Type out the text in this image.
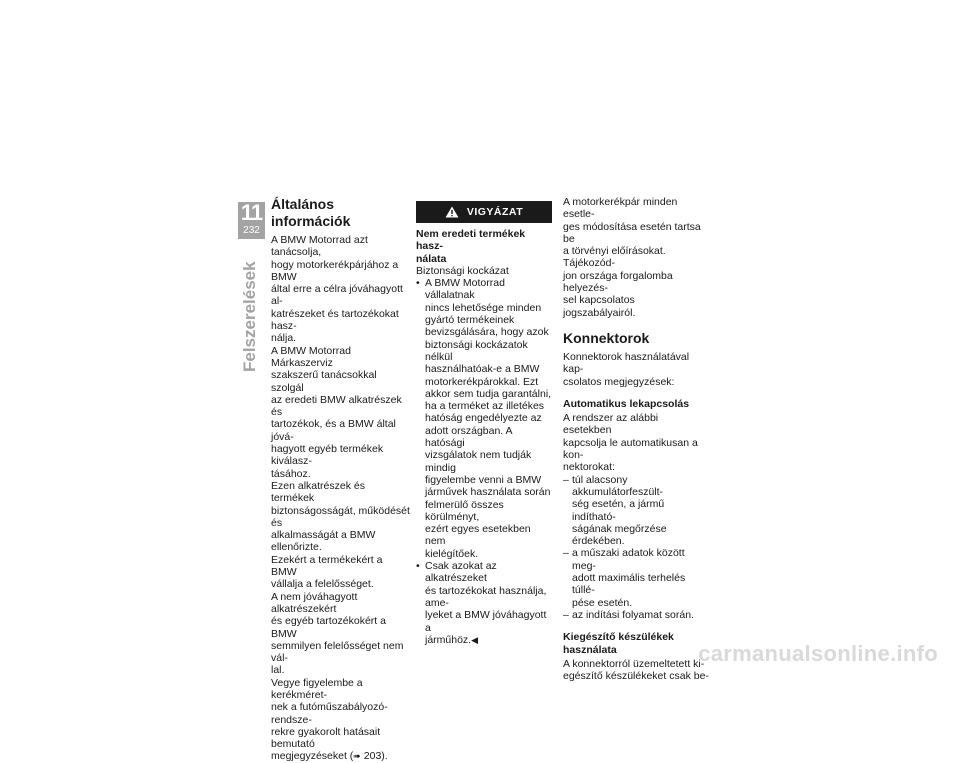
11
232
Felszerelések
Általános információk

A BMW Motorrad azt tanácsolja,
hogy motorkerékpárjához a BMW
által erre a célra jóváhagyott al-
katrészeket és tartozékokat hasz-
nálja.

A BMW Motorrad Márkaszerviz
szakszerű tanácsokkal szolgál
az eredeti BMW alkatrészek és
tartozékok, és a BMW által jóvá-
hagyott egyéb termékek kiválasz-
tásához.

Ezen alkatrészek és termékek
biztonságosságát, működését és
alkalmasságát a BMW ellenőrizte.
Ezekért a termékekért a BMW
vállalja a felelősséget.

A nem jóváhagyott alkatrészekért
és egyéb tartozékokért a BMW
semmilyen felelősséget nem vál-
lal.

Vegye figyelembe a kerékméret-
nek a futóműszabályozó-rendsze-
rekre gyakorolt hatásait bemutató
megjegyzéseket (➠ 203).

VIGYÁZAT
Nem eredeti termékek hasz-
nálata

Biztonsági kockázat

• A BMW Motorrad vállalatnak
nincs lehetősége minden
gyártó termékeinek
bevizsgálására, hogy azok
biztonsági kockázatok nélkül
használhatóak-e a BMW
motorkerékpárokkal. Ezt
akkor sem tudja garantálni,
ha a terméket az illetékes
hatóság engedélyezte az
adott országban. A hatósági
vizsgálatok nem tudják mindig
figyelembe venni a BMW
járművek használata során
felmerülő összes körülményt,
ezért egyes esetekben nem
kielégítőek.
• Csak azokat az alkatrészeket
és tartozékokat használja, ame-
lyeket a BMW jóváhagyott a
járműhöz.◀

A motorkerékpár minden esetle-
ges módosítása esetén tartsa be
a törvényi előírásokat. Tájékozód-
jon országa forgalomba helyezés-
sel kapcsolatos jogszabályairól.

Konnektorok

Konnektorok használatával kap-
csolatos megjegyzések:

Automatikus lekapcsolás

A rendszer az alábbi esetekben
kapcsolja le automatikusan a kon-
nektorokat:

– túl alacsony akkumulátorfeszült-
ség esetén, a jármű indítható-
ságának megőrzése érdekében.
– a műszaki adatok között meg-
adott maximális terhelés túllé-
pése esetén.
– az indítási folyamat során.
Kiegészítő készülékek
használata

A konnektorról üzemeltetett ki-
egészítő készülékeket csak be-

carmanualsonline.info
